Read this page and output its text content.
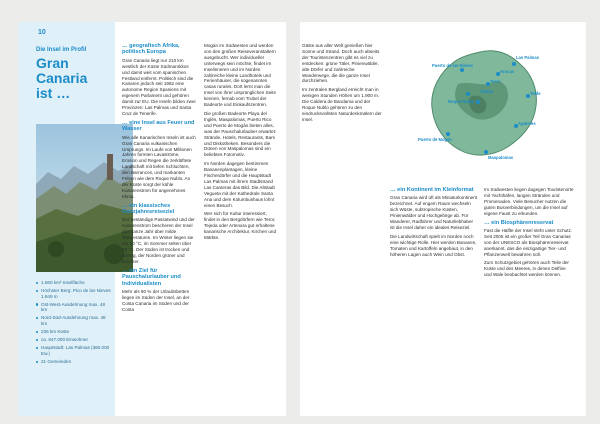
10
Die Insel im Profil
Gran Canaria
ist …
1.560 km² Inselfläche
Höchster Berg: Pico de las Nieves 1.949 m
Ost-West-Ausdehnung max. 48 km
Nord-Süd-Ausdehnung max. 48 km
236 km Küste
ca. 847.000 Einwohner
Hauptstadt: Las Palmas (380.000 Ew.)
21 Gemeinden
… geografisch Afrika, politisch Europa

Gran Canaria liegt nur 210 km westlich der Küste Südmarokkos und damit weit vom spanischen Festland entfernt. Politisch sind die Kanaren jedoch seit 1982 eine autonome Region Spaniens mit eigenem Parlament und gehören damit zur EU. Die Inseln bilden zwei Provinzen: Las Palmas und Santa Cruz de Tenerife.

… eine Insel aus Feuer und Wasser

Wie alle Kanarischen Inseln ist auch Gran Canaria vulkanischen Ursprungs. Im Laufe von Millionen Jahren formten Lavaströme, Erosion und Regen die zerklüftete Landschaft mit tiefen Schluchten, den Barrancos, und markanten Felsen wie dem Roque Nublo. An der Küste sorgt der kühle Kanarenstrom für angenehmes Klima.

… ein klassisches Ganzjahresreiseziel

Der beständige Passatwind und der Kanarenstrom bescheren der Insel das ganze Jahr über milde Temperaturen. Im Winter liegen sie um 20 °C, im Sommer selten über 28 °C. Der Süden ist trocken und sonnig, der Norden grüner und feuchter.

… ein Ziel für Pauschalurlauber und Individualisten

Mehr als 90 % der Urlaubsbetten liegen im Süden der Insel, an der Costa Canaria im Süden und der Costa

Mogán im Südwesten und werden von den großen Reiseveranstaltern ausgebucht. Wer individueller unterwegs sein möchte, findet im Inselinneren und im Norden zahlreiche kleine Landhotels und Ferienhäuser, die sogenannten casas rurales. Dort lernt man die Insel von ihrer ursprünglichen Seite kennen, fernab vom Trubel der Badeorte und Einkaufszentren.

Die großen Badeorte Playa del Inglés, Maspalomas, Puerto Rico und Puerto de Mogán bieten alles, was der Pauschalurlauber erwartet: Strände, Hotels, Restaurants, Bars und Diskotheken. Besonders die Dünen von Maspalomas sind ein beliebtes Fotomotiv.

Im Norden dagegen bestimmen Bananenplantagen, kleine Fischerdörfer und die Hauptstadt Las Palmas mit ihrem Stadtstrand Las Canteras das Bild. Die Altstadt Vegueta mit der Kathedrale Santa Ana und dem Kolumbushaus lohnt einen Besuch.

Wer sich für Kultur interessiert, findet in den Bergdörfern wie Teror, Tejeda oder Artenara gut erhaltene kanarische Architektur, Kirchen und Märkte.

Gäste aus aller Welt genießen hier Sonne und Strand. Doch auch abseits der Touristenzentren gibt es viel zu entdecken: grüne Täler, Pinienwälder, alte Dörfer und zahlreiche Wanderwege, die die ganze Insel durchziehen.

Im zentralen Bergland erreicht man in wenigen Stunden Höhen um 1.900 m. Die Caldera de Bandama und der Roque Nublo gehören zu den eindrucksvollsten Naturdenkmälern der Insel.

Las Palmas
Puerto de las Nieves
Arucas
Teror
Roque Nublo
Tejeda	Telde
Agüimes
Puerto de Mogán
Maspalomas
… ein Kontinent im Kleinformat

Gran Canaria wird oft als Miniaturkontinent bezeichnet. Auf engem Raum wechseln sich Wüste, subtropische Küsten, Pinienwälder und Hochgebirge ab. Für Wanderer, Radfahrer und Naturliebhaber ist die Insel daher ein ideales Reiseziel.

Die Landwirtschaft spielt im Norden noch eine wichtige Rolle. Hier werden Bananen, Tomaten und Kartoffeln angebaut, in den höheren Lagen auch Wein und Obst.

Im Südwesten liegen dagegen Touristenorte mit Yachthäfen, langen Stränden und Promenaden. Viele Besucher nutzen die guten Busverbindungen, um die Insel auf eigene Faust zu erkunden.

… ein Biosphärenreservat

Fast die Hälfte der Insel steht unter Schutz. Seit 2005 ist ein großer Teil Gran Canarias von der UNESCO als Biosphärenreservat anerkannt, das die einzigartige Tier- und Pflanzenwelt bewahren soll.

Zum Schutzgebiet gehören auch Teile der Küste und des Meeres, in denen Delfine und Wale beobachtet werden können.
